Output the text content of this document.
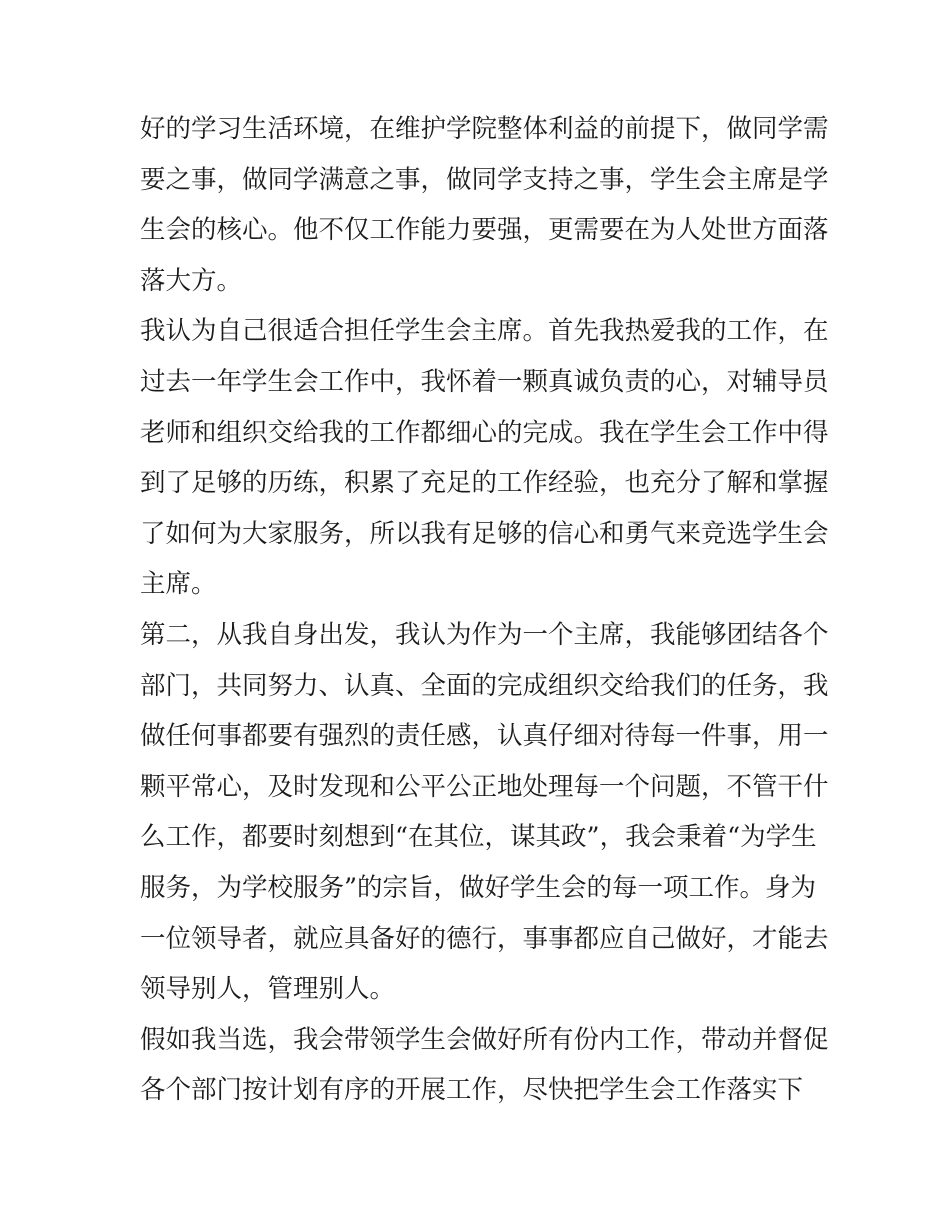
好的学习生活环境，在维护学院整体利益的前提下，做同学需
要之事，做同学满意之事，做同学支持之事，学生会主席是学
生会的核心。他不仅工作能力要强，更需要在为人处世方面落
落大方。
我认为自己很适合担任学生会主席。首先我热爱我的工作，在
过去一年学生会工作中，我怀着一颗真诚负责的心，对辅导员
老师和组织交给我的工作都细心的完成。我在学生会工作中得
到了足够的历练，积累了充足的工作经验，也充分了解和掌握
了如何为大家服务，所以我有足够的信心和勇气来竞选学生会
主席。
第二，从我自身出发，我认为作为一个主席，我能够团结各个
部门，共同努力、认真、全面的完成组织交给我们的任务，我
做任何事都要有强烈的责任感，认真仔细对待每一件事，用一
颗平常心，及时发现和公平公正地处理每一个问题，不管干什
么工作，都要时刻想到“在其位，谋其政”，我会秉着“为学生
服务，为学校服务”的宗旨，做好学生会的每一项工作。身为
一位领导者，就应具备好的德行，事事都应自己做好，才能去
领导别人，管理别人。
假如我当选，我会带领学生会做好所有份内工作，带动并督促
各个部门按计划有序的开展工作，尽快把学生会工作落实下
